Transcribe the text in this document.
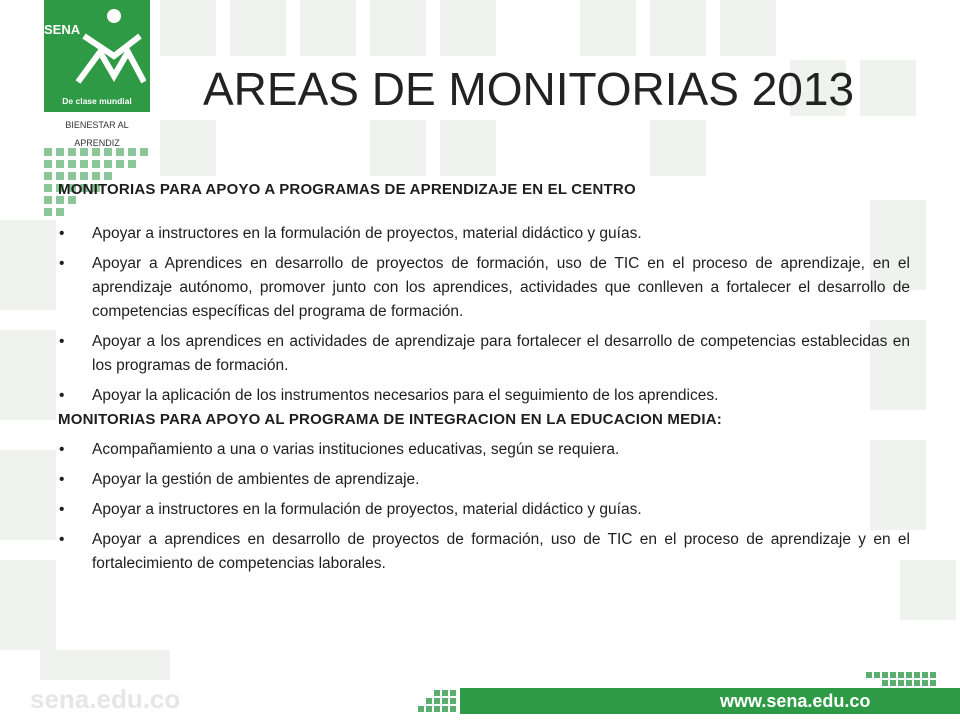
SENA
De clase mundial
BIENESTAR AL APRENDIZ
AREAS DE MONITORIAS 2013
MONITORIAS PARA APOYO A PROGRAMAS DE APRENDIZAJE EN EL CENTRO
• Apoyar a instructores en la formulación de proyectos, material didáctico y guías.
• Apoyar a Aprendices en desarrollo de proyectos de formación, uso de TIC en el proceso de aprendizaje, en el aprendizaje autónomo, promover junto con los aprendices, actividades que conlleven a fortalecer el desarrollo de competencias específicas del programa de formación.
• Apoyar a los aprendices en actividades de aprendizaje para fortalecer el desarrollo de competencias establecidas en los programas de formación.
• Apoyar la aplicación de los instrumentos necesarios para el seguimiento de los aprendices.
MONITORIAS PARA APOYO AL PROGRAMA DE INTEGRACION EN LA EDUCACION MEDIA:
• Acompañamiento a una o varias instituciones educativas, según se requiera.
• Apoyar la gestión de ambientes de aprendizaje.
• Apoyar a instructores en la formulación de proyectos, material didáctico y guías.
• Apoyar a aprendices en desarrollo de proyectos de formación, uso de TIC en el proceso de aprendizaje y en el fortalecimiento de competencias laborales.
sena.edu.co	www.sena.edu.co
